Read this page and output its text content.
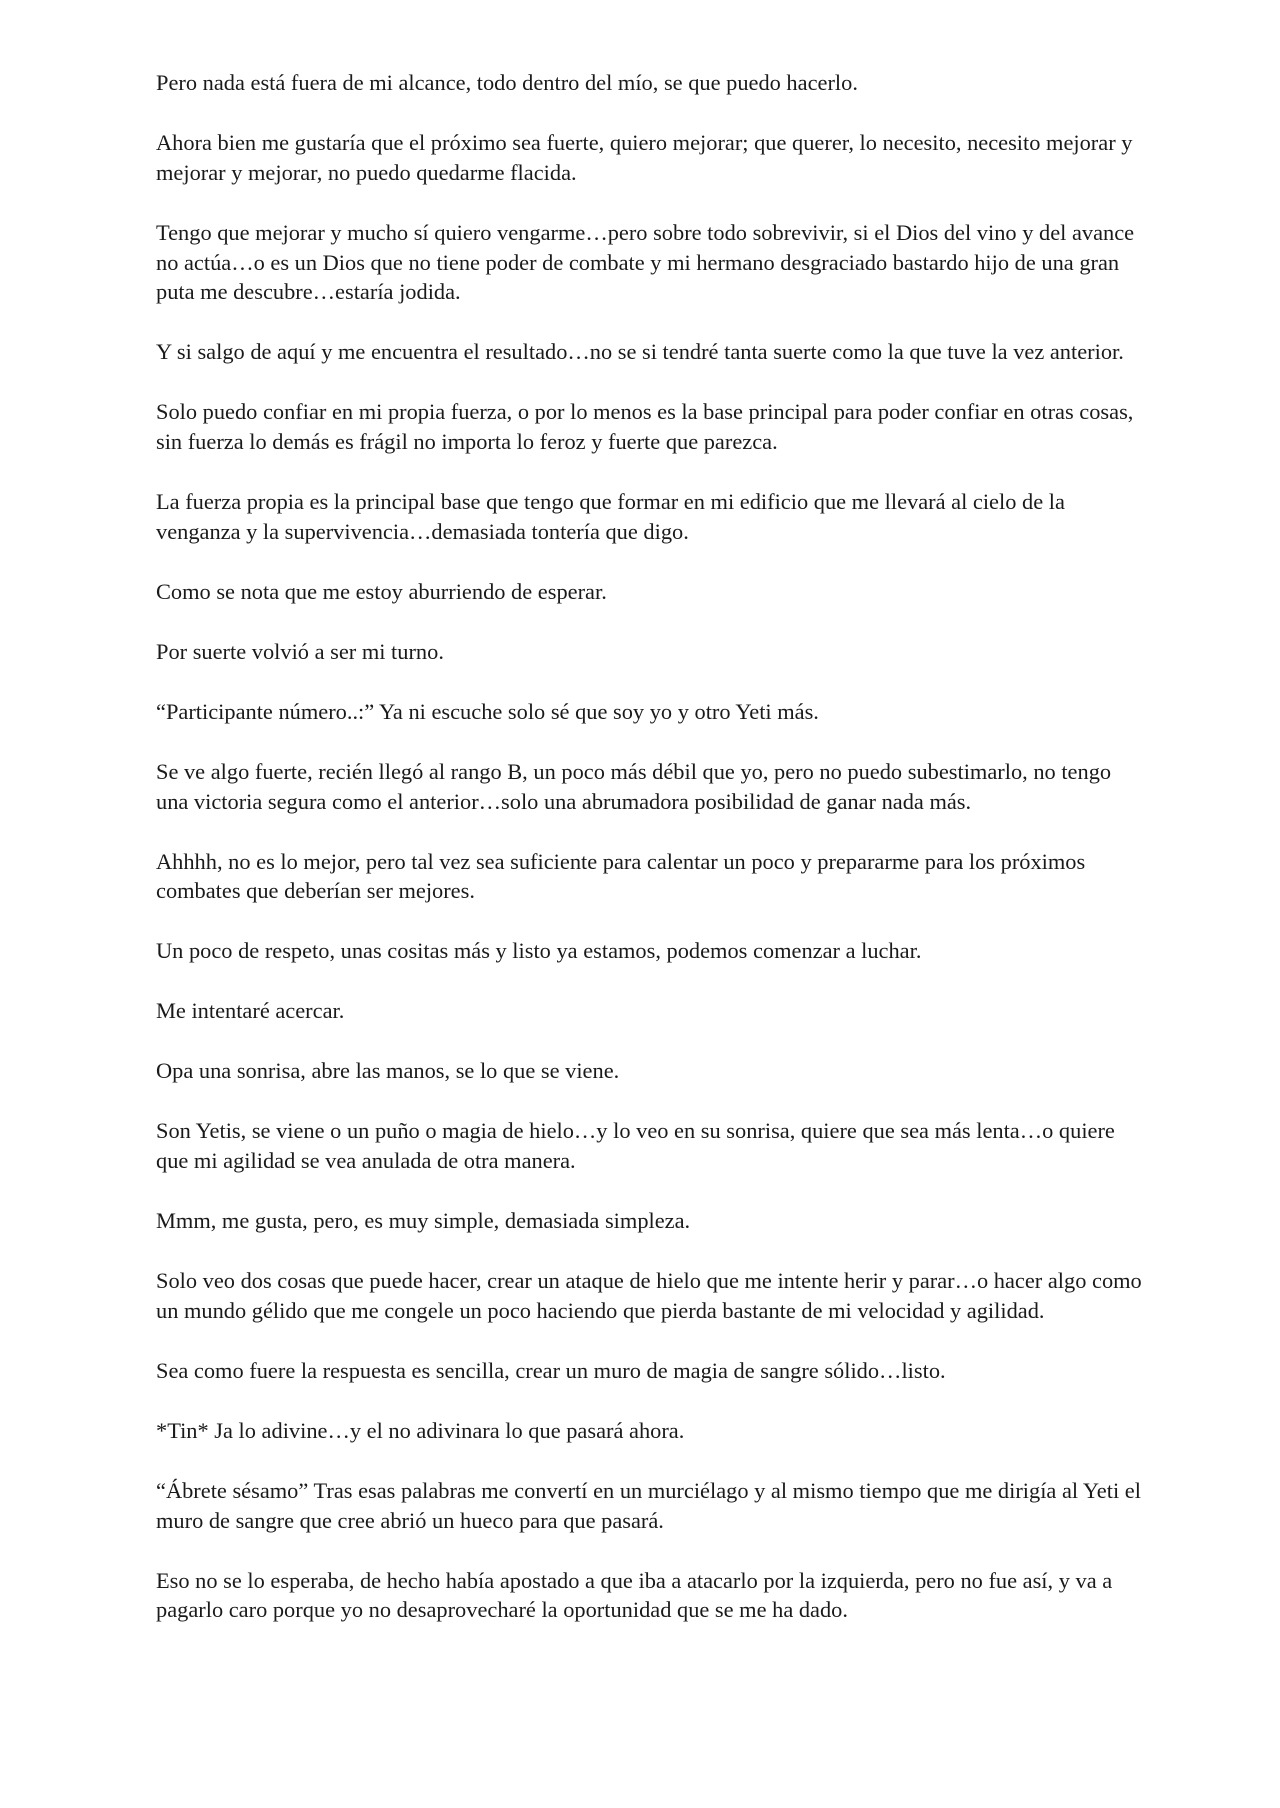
Pero nada está fuera de mi alcance, todo dentro del mío, se que puedo hacerlo.

Ahora bien me gustaría que el próximo sea fuerte, quiero mejorar; que querer, lo necesito, necesito mejorar y mejorar y mejorar, no puedo quedarme flacida.

Tengo que mejorar y mucho sí quiero vengarme…pero sobre todo sobrevivir, si el Dios del vino y del avance no actúa…o es un Dios que no tiene poder de combate y mi hermano desgraciado bastardo hijo de una gran puta me descubre…estaría jodida.

Y si salgo de aquí y me encuentra el resultado…no se si tendré tanta suerte como la que tuve la vez anterior.

Solo puedo confiar en mi propia fuerza, o por lo menos es la base principal para poder confiar en otras cosas, sin fuerza lo demás es frágil no importa lo feroz y fuerte que parezca.

La fuerza propia es la principal base que tengo que formar en mi edificio que me llevará al cielo de la venganza y la supervivencia…demasiada tontería que digo.

Como se nota que me estoy aburriendo de esperar.

Por suerte volvió a ser mi turno.

“Participante número..:” Ya ni escuche solo sé que soy yo y otro Yeti más.

Se ve algo fuerte, recién llegó al rango B, un poco más débil que yo, pero no puedo subestimarlo, no tengo una victoria segura como el anterior…solo una abrumadora posibilidad de ganar nada más.

Ahhhh, no es lo mejor, pero tal vez sea suficiente para calentar un poco y prepararme para los próximos combates que deberían ser mejores.

Un poco de respeto, unas cositas más y listo ya estamos, podemos comenzar a luchar.

Me intentaré acercar.

Opa una sonrisa, abre las manos, se lo que se viene.

Son Yetis, se viene o un puño o magia de hielo…y lo veo en su sonrisa, quiere que sea más lenta…o quiere que mi agilidad se vea anulada de otra manera.

Mmm, me gusta, pero, es muy simple, demasiada simpleza.

Solo veo dos cosas que puede hacer, crear un ataque de hielo que me intente herir y parar…o hacer algo como un mundo gélido que me congele un poco haciendo que pierda bastante de mi velocidad y agilidad.

Sea como fuere la respuesta es sencilla, crear un muro de magia de sangre sólido…listo.

*Tin* Ja lo adivine…y el no adivinara lo que pasará ahora.

“Ábrete sésamo” Tras esas palabras me convertí en un murciélago y al mismo tiempo que me dirigía al Yeti el muro de sangre que cree abrió un hueco para que pasará.

Eso no se lo esperaba, de hecho había apostado a que iba a atacarlo por la izquierda, pero no fue así, y va a pagarlo caro porque yo no desaprovecharé la oportunidad que se me ha dado.
